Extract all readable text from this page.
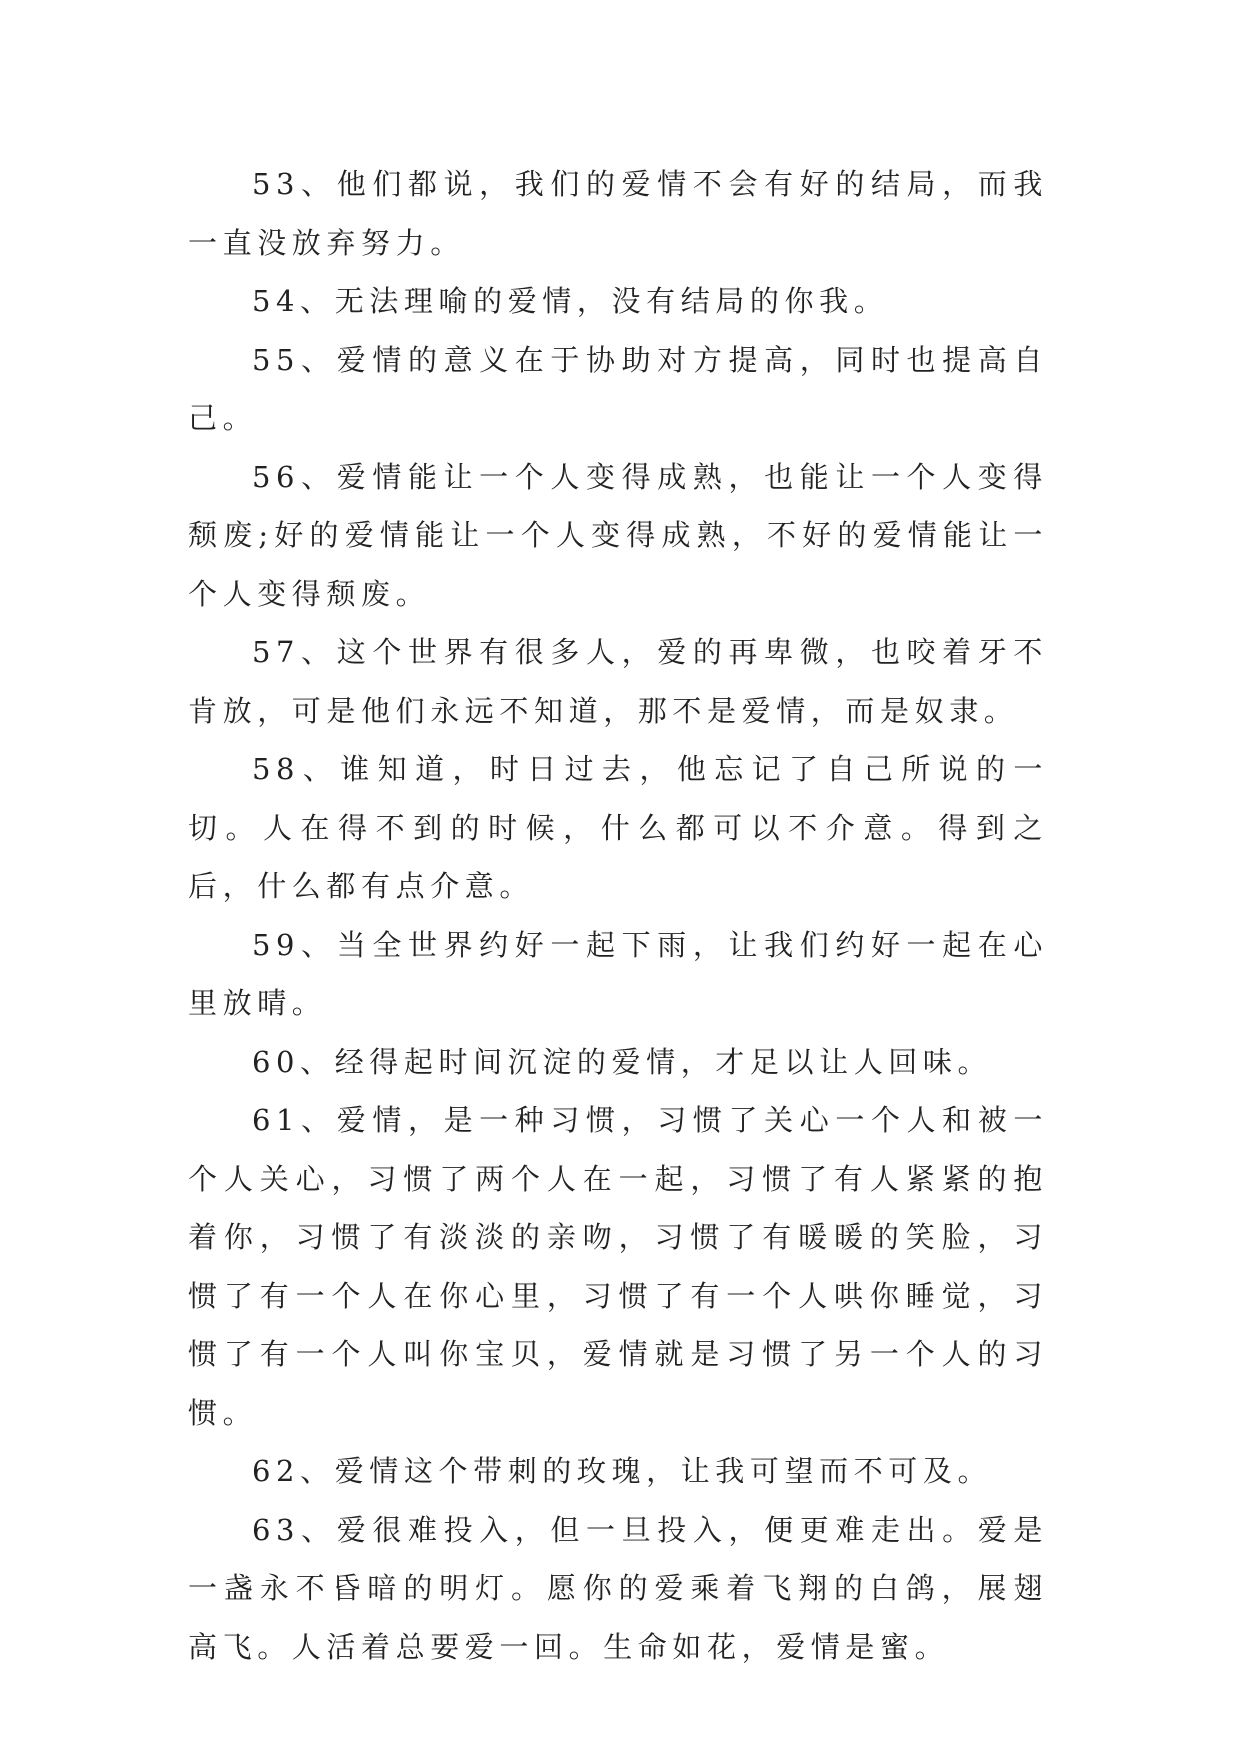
53、他们都说，我们的爱情不会有好的结局，而我一直没放弃努力。

54、无法理喻的爱情，没有结局的你我。

55、爱情的意义在于协助对方提高，同时也提高自己。

56、爱情能让一个人变得成熟，也能让一个人变得颓废;好的爱情能让一个人变得成熟，不好的爱情能让一个人变得颓废。

57、这个世界有很多人，爱的再卑微，也咬着牙不肯放，可是他们永远不知道，那不是爱情，而是奴隶。

58、谁知道，时日过去，他忘记了自己所说的一切。人在得不到的时候，什么都可以不介意。得到之后，什么都有点介意。

59、当全世界约好一起下雨，让我们约好一起在心里放晴。

60、经得起时间沉淀的爱情，才足以让人回味。

61、爱情，是一种习惯，习惯了关心一个人和被一个人关心，习惯了两个人在一起，习惯了有人紧紧的抱着你，习惯了有淡淡的亲吻，习惯了有暖暖的笑脸，习惯了有一个人在你心里，习惯了有一个人哄你睡觉，习惯了有一个人叫你宝贝，爱情就是习惯了另一个人的习惯。

62、爱情这个带刺的玫瑰，让我可望而不可及。

63、爱很难投入，但一旦投入，便更难走出。爱是一盏永不昏暗的明灯。愿你的爱乘着飞翔的白鸽，展翅高飞。人活着总要爱一回。生命如花，爱情是蜜。
